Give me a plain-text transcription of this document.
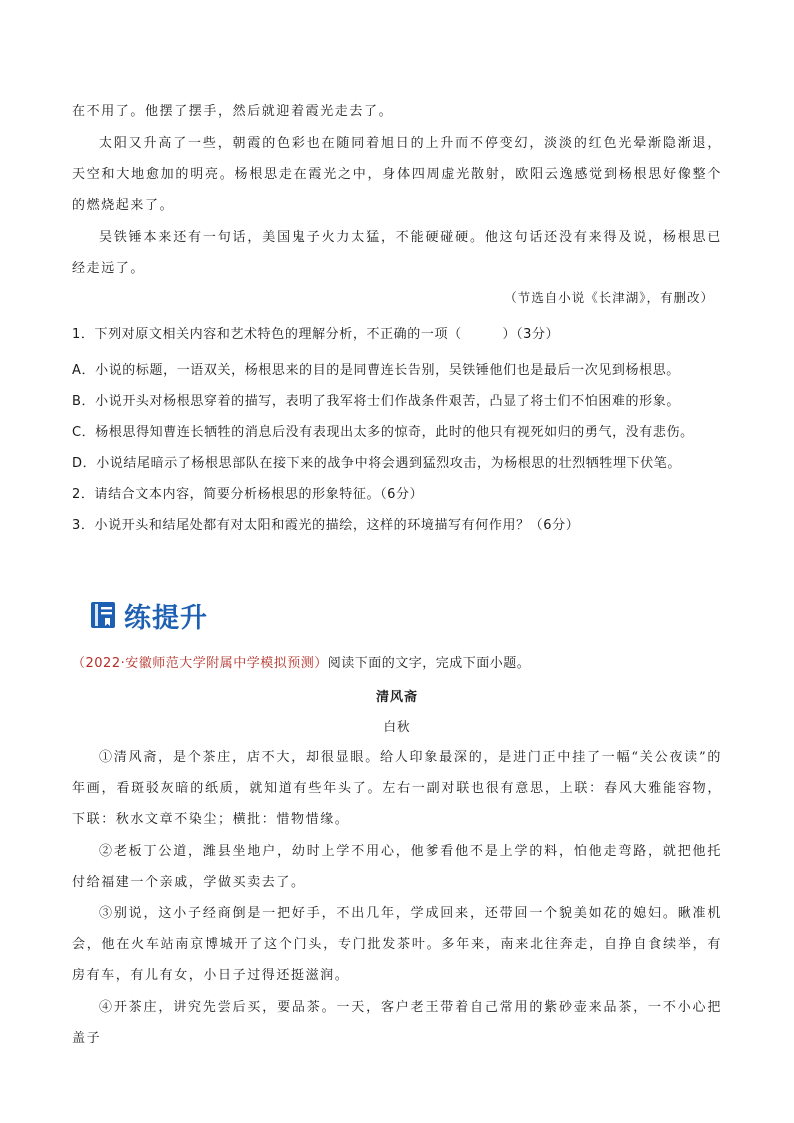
在不用了。他摆了摆手，然后就迎着霞光走去了。

太阳又升高了一些，朝霞的色彩也在随同着旭日的上升而不停变幻，淡淡的红色光晕渐隐渐退，天空和大地愈加的明亮。杨根思走在霞光之中，身体四周虚光散射，欧阳云逸感觉到杨根思好像整个的燃烧起来了。

吴铁锤本来还有一句话，美国鬼子火力太猛，不能硬碰硬。他这句话还没有来得及说，杨根思已经走远了。

（节选自小说《长津湖》，有删改）
1．下列对原文相关内容和艺术特色的理解分析，不正确的一项（　　　）（3分）
A．小说的标题，一语双关，杨根思来的目的是同曹连长告别，吴铁锤他们也是最后一次见到杨根思。
B．小说开头对杨根思穿着的描写，表明了我军将士们作战条件艰苦，凸显了将士们不怕困难的形象。
C．杨根思得知曹连长牺牲的消息后没有表现出太多的惊奇，此时的他只有视死如归的勇气，没有悲伤。
D．小说结尾暗示了杨根思部队在接下来的战争中将会遇到猛烈攻击，为杨根思的壮烈牺牲埋下伏笔。
2．请结合文本内容，简要分析杨根思的形象特征。（6分）
3．小说开头和结尾处都有对太阳和霞光的描绘，这样的环境描写有何作用？（6分）
练提升
（2022·安徽师范大学附属中学模拟预测）阅读下面的文字，完成下面小题。
清风斋
白秋

①清风斋，是个茶庄，店不大，却很显眼。给人印象最深的，是进门正中挂了一幅“关公夜读”的年画，看斑驳灰暗的纸质，就知道有些年头了。左右一副对联也很有意思，上联：春风大雅能容物，下联：秋水文章不染尘；横批：惜物惜缘。

②老板丁公道，潍县坐地户，幼时上学不用心，他爹看他不是上学的料，怕他走弯路，就把他托付给福建一个亲戚，学做买卖去了。

③别说，这小子经商倒是一把好手，不出几年，学成回来，还带回一个貌美如花的媳妇。瞅准机会，他在火车站南京博城开了这个门头，专门批发茶叶。多年来，南来北往奔走，自挣自食续举，有房有车，有儿有女，小日子过得还挺滋润。

④开茶庄，讲究先尝后买，要品茶。一天，客户老王带着自己常用的紫砂壶来品茶，一不小心把盖子
